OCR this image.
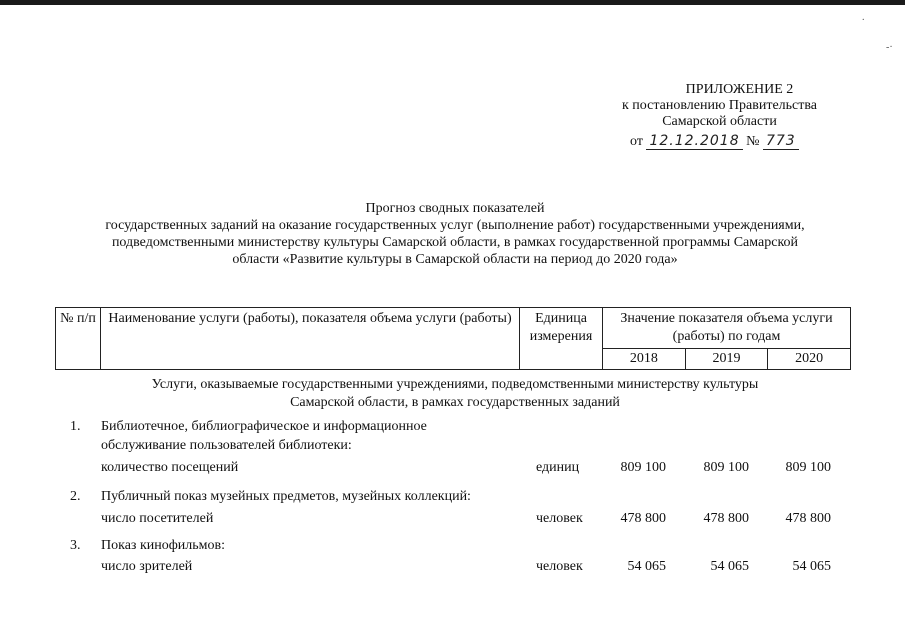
.
-·
ПРИЛОЖЕНИЕ 2
к постановлению Правительства
Самарской области
от 12.12.2018 № 773
Прогноз сводных показателей
государственных заданий на оказание государственных услуг (выполнение работ) государственными учреждениями,
подведомственными министерству культуры Самарской области, в рамках государственной программы Самарской
области «Развитие культуры в Самарской области на период до 2020 года»
№ п/п	Наименование услуги (работы), показателя объема услуги (работы)	Единица измерения	Значение показателя объема услуги (работы) по годам		
			2018	2019	2020
Услуги, оказываемые государственными учреждениями, подведомственными министерству культуры
Самарской области, в рамках государственных заданий
1. Библиотечное, библиографическое и информационное
обслуживание пользователей библиотеки:
количество посещений	единиц	809 100	809 100	809 100
2. Публичный показ музейных предметов, музейных коллекций:
число посетителей	человек	478 800	478 800	478 800
3. Показ кинофильмов:
число зрителей	человек	54 065	54 065	54 065
